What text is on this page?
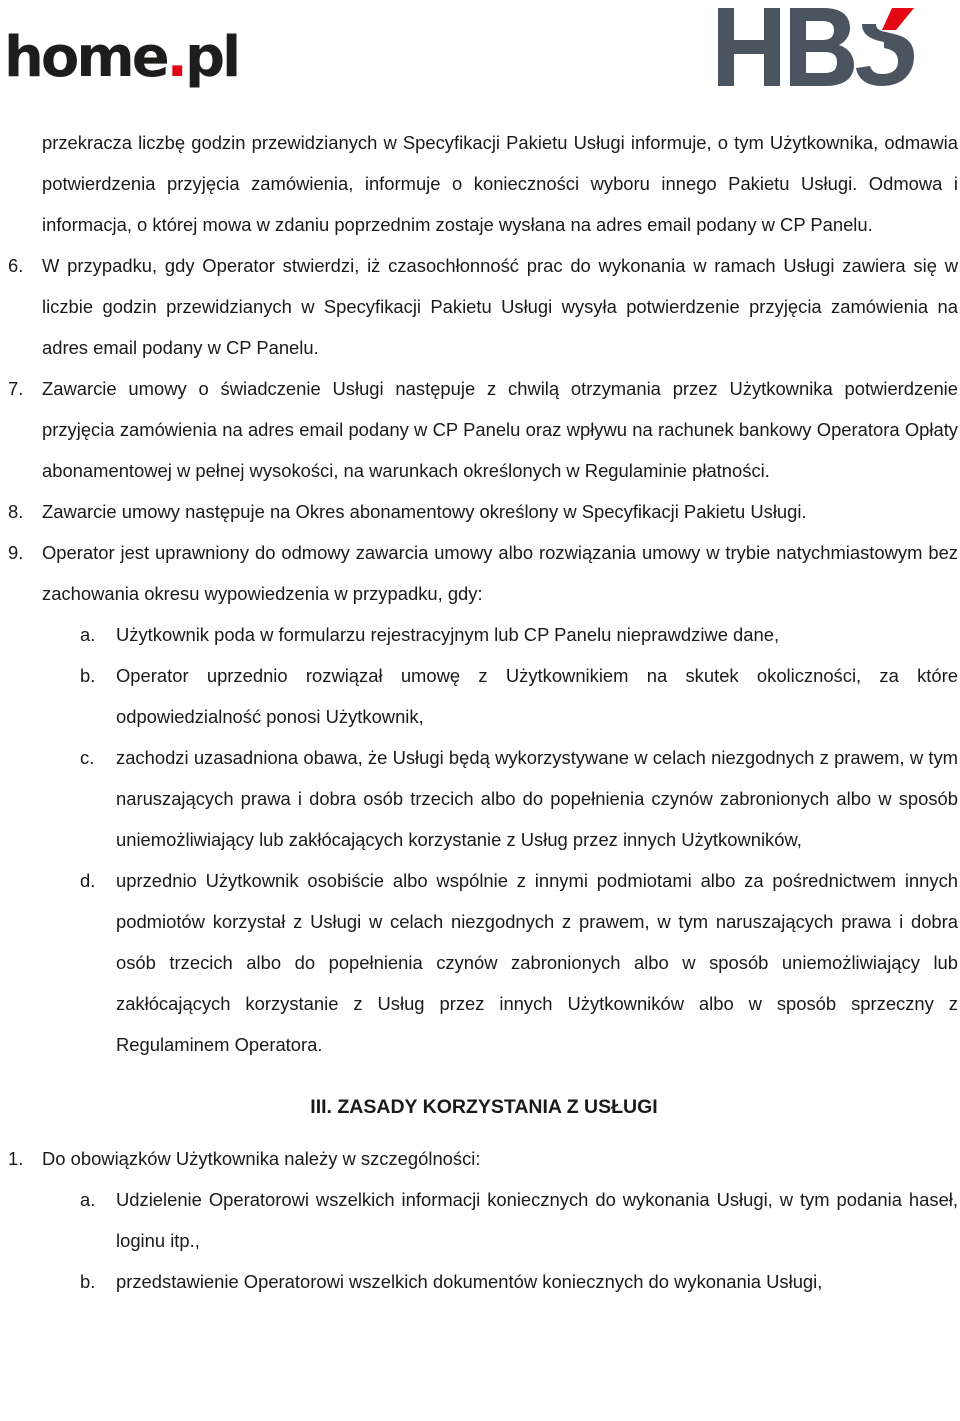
home.pl

przekracza liczbę godzin przewidzianych w Specyfikacji Pakietu Usługi informuje, o tym Użytkownika, odmawia potwierdzenia przyjęcia zamówienia, informuje o konieczności wyboru innego Pakietu Usługi. Odmowa i informacja, o której mowa w zdaniu poprzednim zostaje wysłana na adres email podany w CP Panelu.

6. W przypadku, gdy Operator stwierdzi, iż czasochłonność prac do wykonania w ramach Usługi zawiera się w liczbie godzin przewidzianych w Specyfikacji Pakietu Usługi wysyła potwierdzenie przyjęcia zamówienia na adres email podany w CP Panelu.

7. Zawarcie umowy o świadczenie Usługi następuje z chwilą otrzymania przez Użytkownika potwierdzenie przyjęcia zamówienia na adres email podany w CP Panelu oraz wpływu na rachunek bankowy Operatora Opłaty abonamentowej w pełnej wysokości, na warunkach określonych w Regulaminie płatności.

8. Zawarcie umowy następuje na Okres abonamentowy określony w Specyfikacji Pakietu Usługi.

9. Operator jest uprawniony do odmowy zawarcia umowy albo rozwiązania umowy w trybie natychmiastowym bez zachowania okresu wypowiedzenia w przypadku, gdy:

a. Użytkownik poda w formularzu rejestracyjnym lub CP Panelu nieprawdziwe dane,

b. Operator uprzednio rozwiązał umowę z Użytkownikiem na skutek okoliczności, za które odpowiedzialność ponosi Użytkownik,

c. zachodzi uzasadniona obawa, że Usługi będą wykorzystywane w celach niezgodnych z prawem, w tym naruszających prawa i dobra osób trzecich albo do popełnienia czynów zabronionych albo w sposób uniemożliwiający lub zakłócających korzystanie z Usług przez innych Użytkowników,

d. uprzednio Użytkownik osobiście albo wspólnie z innymi podmiotami albo za pośrednictwem innych podmiotów korzystał z Usługi w celach niezgodnych z prawem, w tym naruszających prawa i dobra osób trzecich albo do popełnienia czynów zabronionych albo w sposób uniemożliwiający lub zakłócających korzystanie z Usług przez innych Użytkowników albo w sposób sprzeczny z Regulaminem Operatora.

III. ZASADY KORZYSTANIA Z USŁUGI

1. Do obowiązków Użytkownika należy w szczególności:

a. Udzielenie Operatorowi wszelkich informacji koniecznych do wykonania Usługi, w tym podania haseł, loginu itp.,

b. przedstawienie Operatorowi wszelkich dokumentów koniecznych do wykonania Usługi,
